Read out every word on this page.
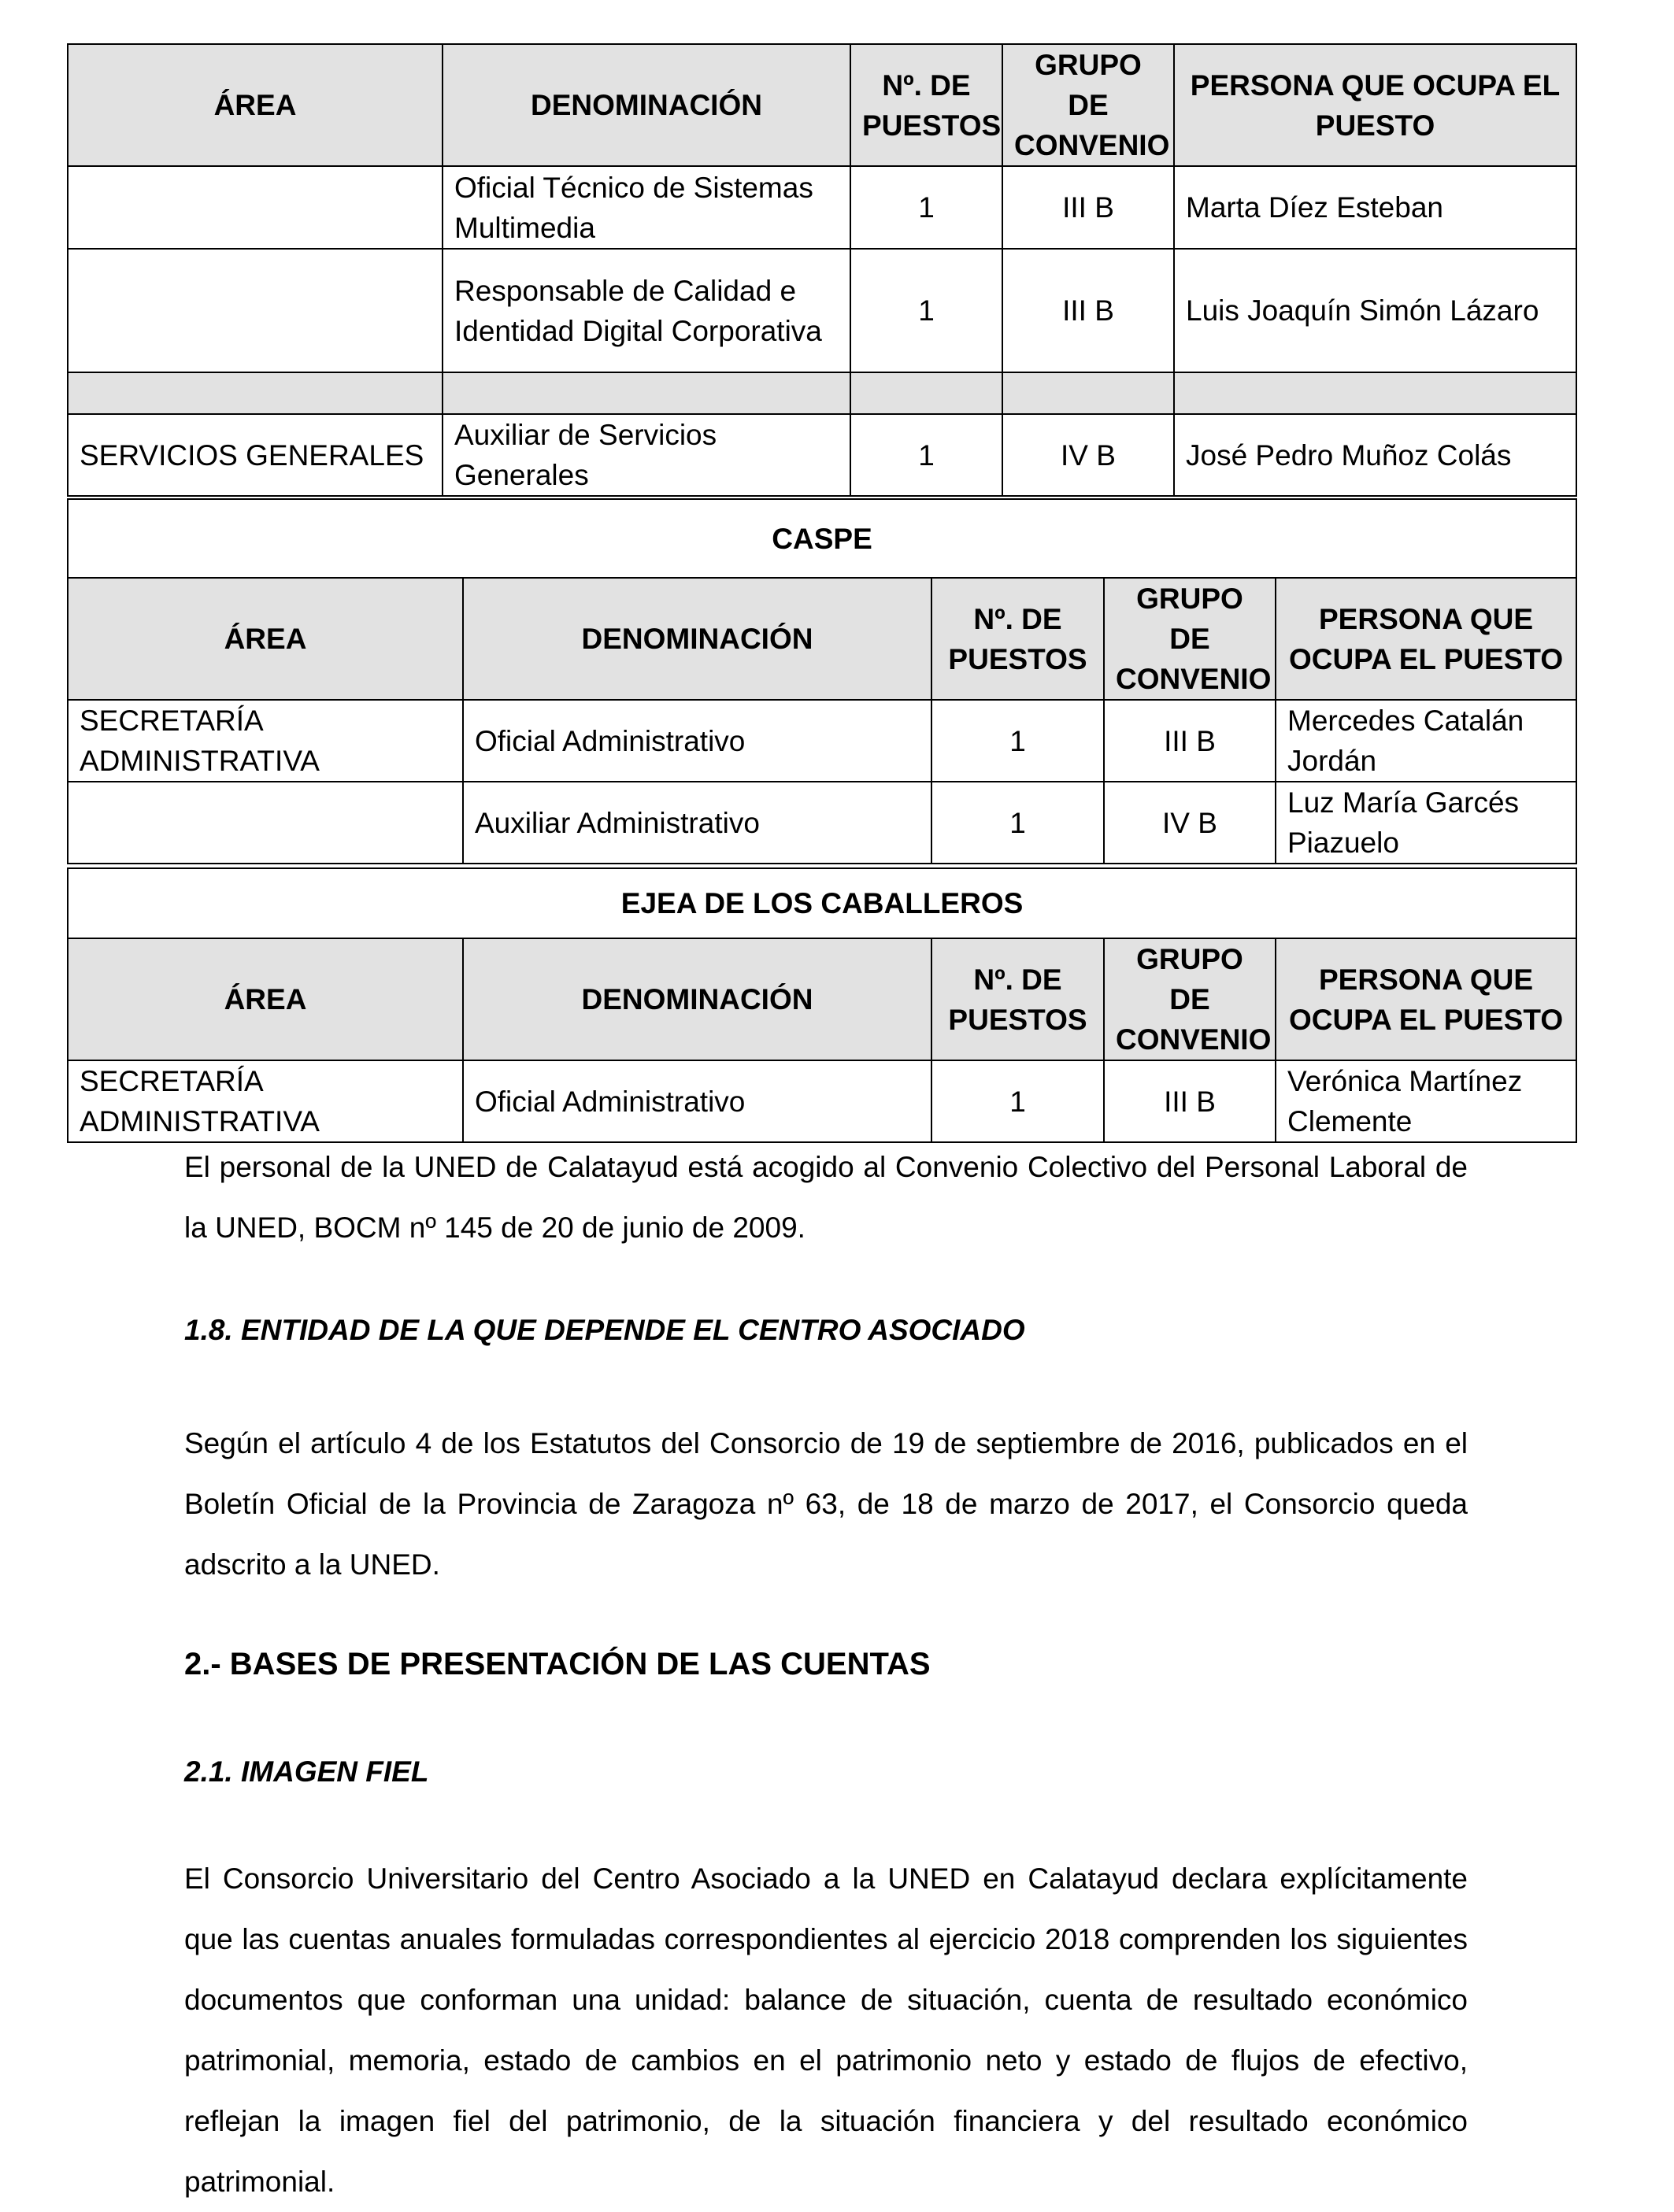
ÁREA	DENOMINACIÓN	Nº. DE PUESTOS	GRUPO DE CONVENIO	PERSONA QUE OCUPA EL PUESTO
	Oficial Técnico de Sistemas Multimedia	1	III B	Marta Díez Esteban
	Responsable de Calidad e Identidad Digital Corporativa	1	III B	Luis Joaquín Simón Lázaro

SERVICIOS GENERALES	Auxiliar de Servicios Generales	1	IV B	José Pedro Muñoz Colás
CASPE				
ÁREA	DENOMINACIÓN	Nº. DE PUESTOS	GRUPO DE CONVENIO	PERSONA QUE OCUPA EL PUESTO
SECRETARÍA ADMINISTRATIVA	Oficial Administrativo	1	III B	Mercedes Catalán Jordán
	Auxiliar Administrativo	1	IV B	Luz María Garcés Piazuelo
EJEA DE LOS CABALLEROS				
ÁREA	DENOMINACIÓN	Nº. DE PUESTOS	GRUPO DE CONVENIO	PERSONA QUE OCUPA EL PUESTO
SECRETARÍA ADMINISTRATIVA	Oficial Administrativo	1	III B	Verónica Martínez Clemente

El personal de la UNED de Calatayud está acogido al Convenio Colectivo del Personal Laboral de la UNED, BOCM nº 145 de 20 de junio de 2009.

1.8. ENTIDAD DE LA QUE DEPENDE EL CENTRO ASOCIADO

Según el artículo 4 de los Estatutos del Consorcio de 19 de septiembre de 2016, publicados en el Boletín Oficial de la Provincia de Zaragoza nº 63, de 18 de marzo de 2017, el Consorcio queda adscrito a la UNED.

2.- BASES DE PRESENTACIÓN DE LAS CUENTAS

2.1. IMAGEN FIEL

El Consorcio Universitario del Centro Asociado a la UNED en Calatayud declara explícitamente que las cuentas anuales formuladas correspondientes al ejercicio 2018 comprenden los siguientes documentos que conforman una unidad: balance de situación, cuenta de resultado económico patrimonial, memoria, estado de cambios en el patrimonio neto y estado de flujos de efectivo, reflejan la imagen fiel del patrimonio, de la situación financiera y del resultado económico patrimonial.
